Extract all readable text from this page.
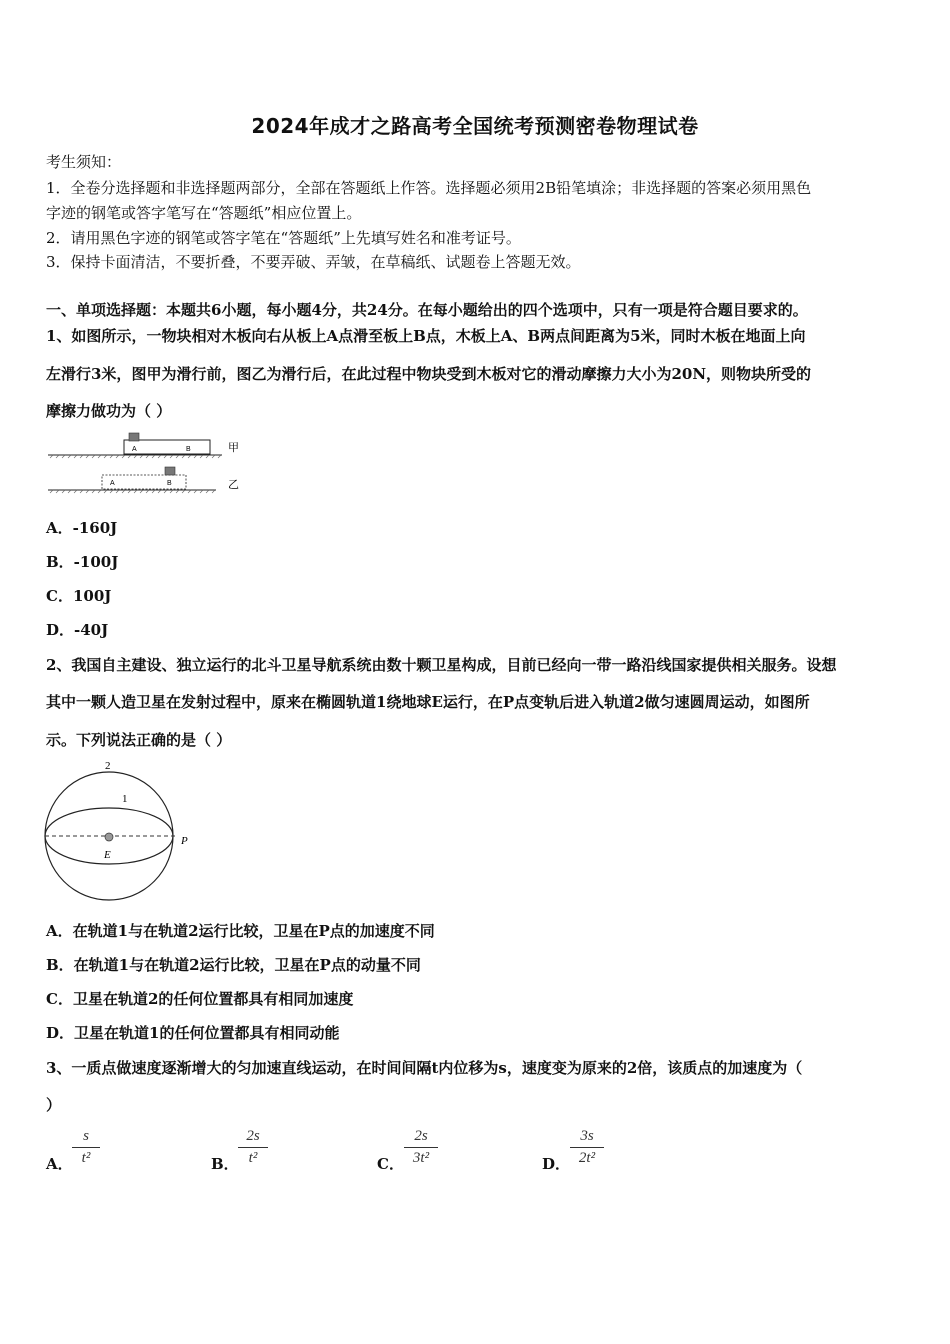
2024年成才之路高考全国统考预测密卷物理试卷
考生须知：
1．全卷分选择题和非选择题两部分，全部在答题纸上作答。选择题必须用2B铅笔填涂；非选择题的答案必须用黑色
字迹的钢笔或答字笔写在“答题纸”相应位置上。
2．请用黑色字迹的钢笔或答字笔在“答题纸”上先填写姓名和准考证号。
3．保持卡面清洁，不要折叠，不要弄破、弄皱，在草稿纸、试题卷上答题无效。
一、单项选择题：本题共6小题，每小题4分，共24分。在每小题给出的四个选项中，只有一项是符合题目要求的。
1、如图所示，一物块相对木板向右从板上A点滑至板上B点，木板上A、B两点间距离为5米，同时木板在地面上向
左滑行3米，图甲为滑行前，图乙为滑行后，在此过程中物块受到木板对它的滑动摩擦力大小为20N，则物块所受的
摩擦力做功为（ ）
A	B	甲
A	B	乙
A．-160J
B．-100J
C．100J
D．-40J
2、我国自主建设、独立运行的北斗卫星导航系统由数十颗卫星构成，目前已经向一带一路沿线国家提供相关服务。设想
其中一颗人造卫星在发射过程中，原来在椭圆轨道1绕地球E运行，在P点变轨后进入轨道2做匀速圆周运动，如图所
示。下列说法正确的是（ ）
2
1
P
E
A．在轨道1与在轨道2运行比较，卫星在P点的加速度不同
B．在轨道1与在轨道2运行比较，卫星在P点的动量不同
C．卫星在轨道2的任何位置都具有相同加速度
D．卫星在轨道1的任何位置都具有相同动能
3、一质点做速度逐渐增大的匀加速直线运动，在时间间隔t内位移为s，速度变为原来的2倍，该质点的加速度为（
）
A．
s
t²	B．
2s
t²	C．
2s
3t²	D．
3s
2t²
